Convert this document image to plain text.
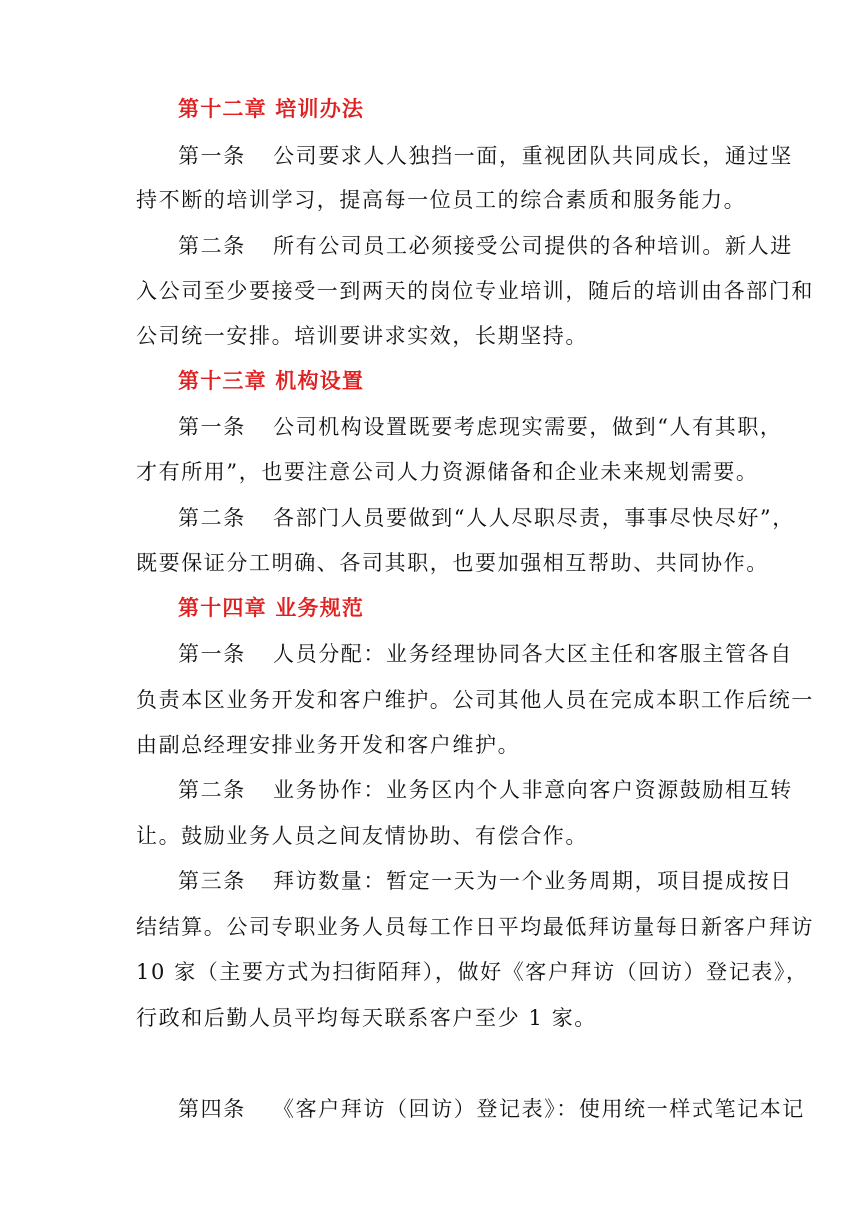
第十二章 培训办法
第一条 公司要求人人独挡一面，重视团队共同成长，通过坚
持不断的培训学习，提高每一位员工的综合素质和服务能力。
第二条 所有公司员工必须接受公司提供的各种培训。新人进
入公司至少要接受一到两天的岗位专业培训，随后的培训由各部门和
公司统一安排。培训要讲求实效，长期坚持。
第十三章 机构设置
第一条 公司机构设置既要考虑现实需要，做到“人有其职，
才有所用”，也要注意公司人力资源储备和企业未来规划需要。
第二条 各部门人员要做到“人人尽职尽责，事事尽快尽好”，
既要保证分工明确、各司其职，也要加强相互帮助、共同协作。
第十四章 业务规范
第一条 人员分配：业务经理协同各大区主任和客服主管各自
负责本区业务开发和客户维护。公司其他人员在完成本职工作后统一
由副总经理安排业务开发和客户维护。
第二条 业务协作：业务区内个人非意向客户资源鼓励相互转
让。鼓励业务人员之间友情协助、有偿合作。
第三条 拜访数量：暂定一天为一个业务周期，项目提成按日
结结算。公司专职业务人员每工作日平均最低拜访量每日新客户拜访
10 家（主要方式为扫街陌拜），做好《客户拜访（回访）登记表》，
行政和后勤人员平均每天联系客户至少 1 家。
第四条 《客户拜访（回访）登记表》：使用统一样式笔记本记
